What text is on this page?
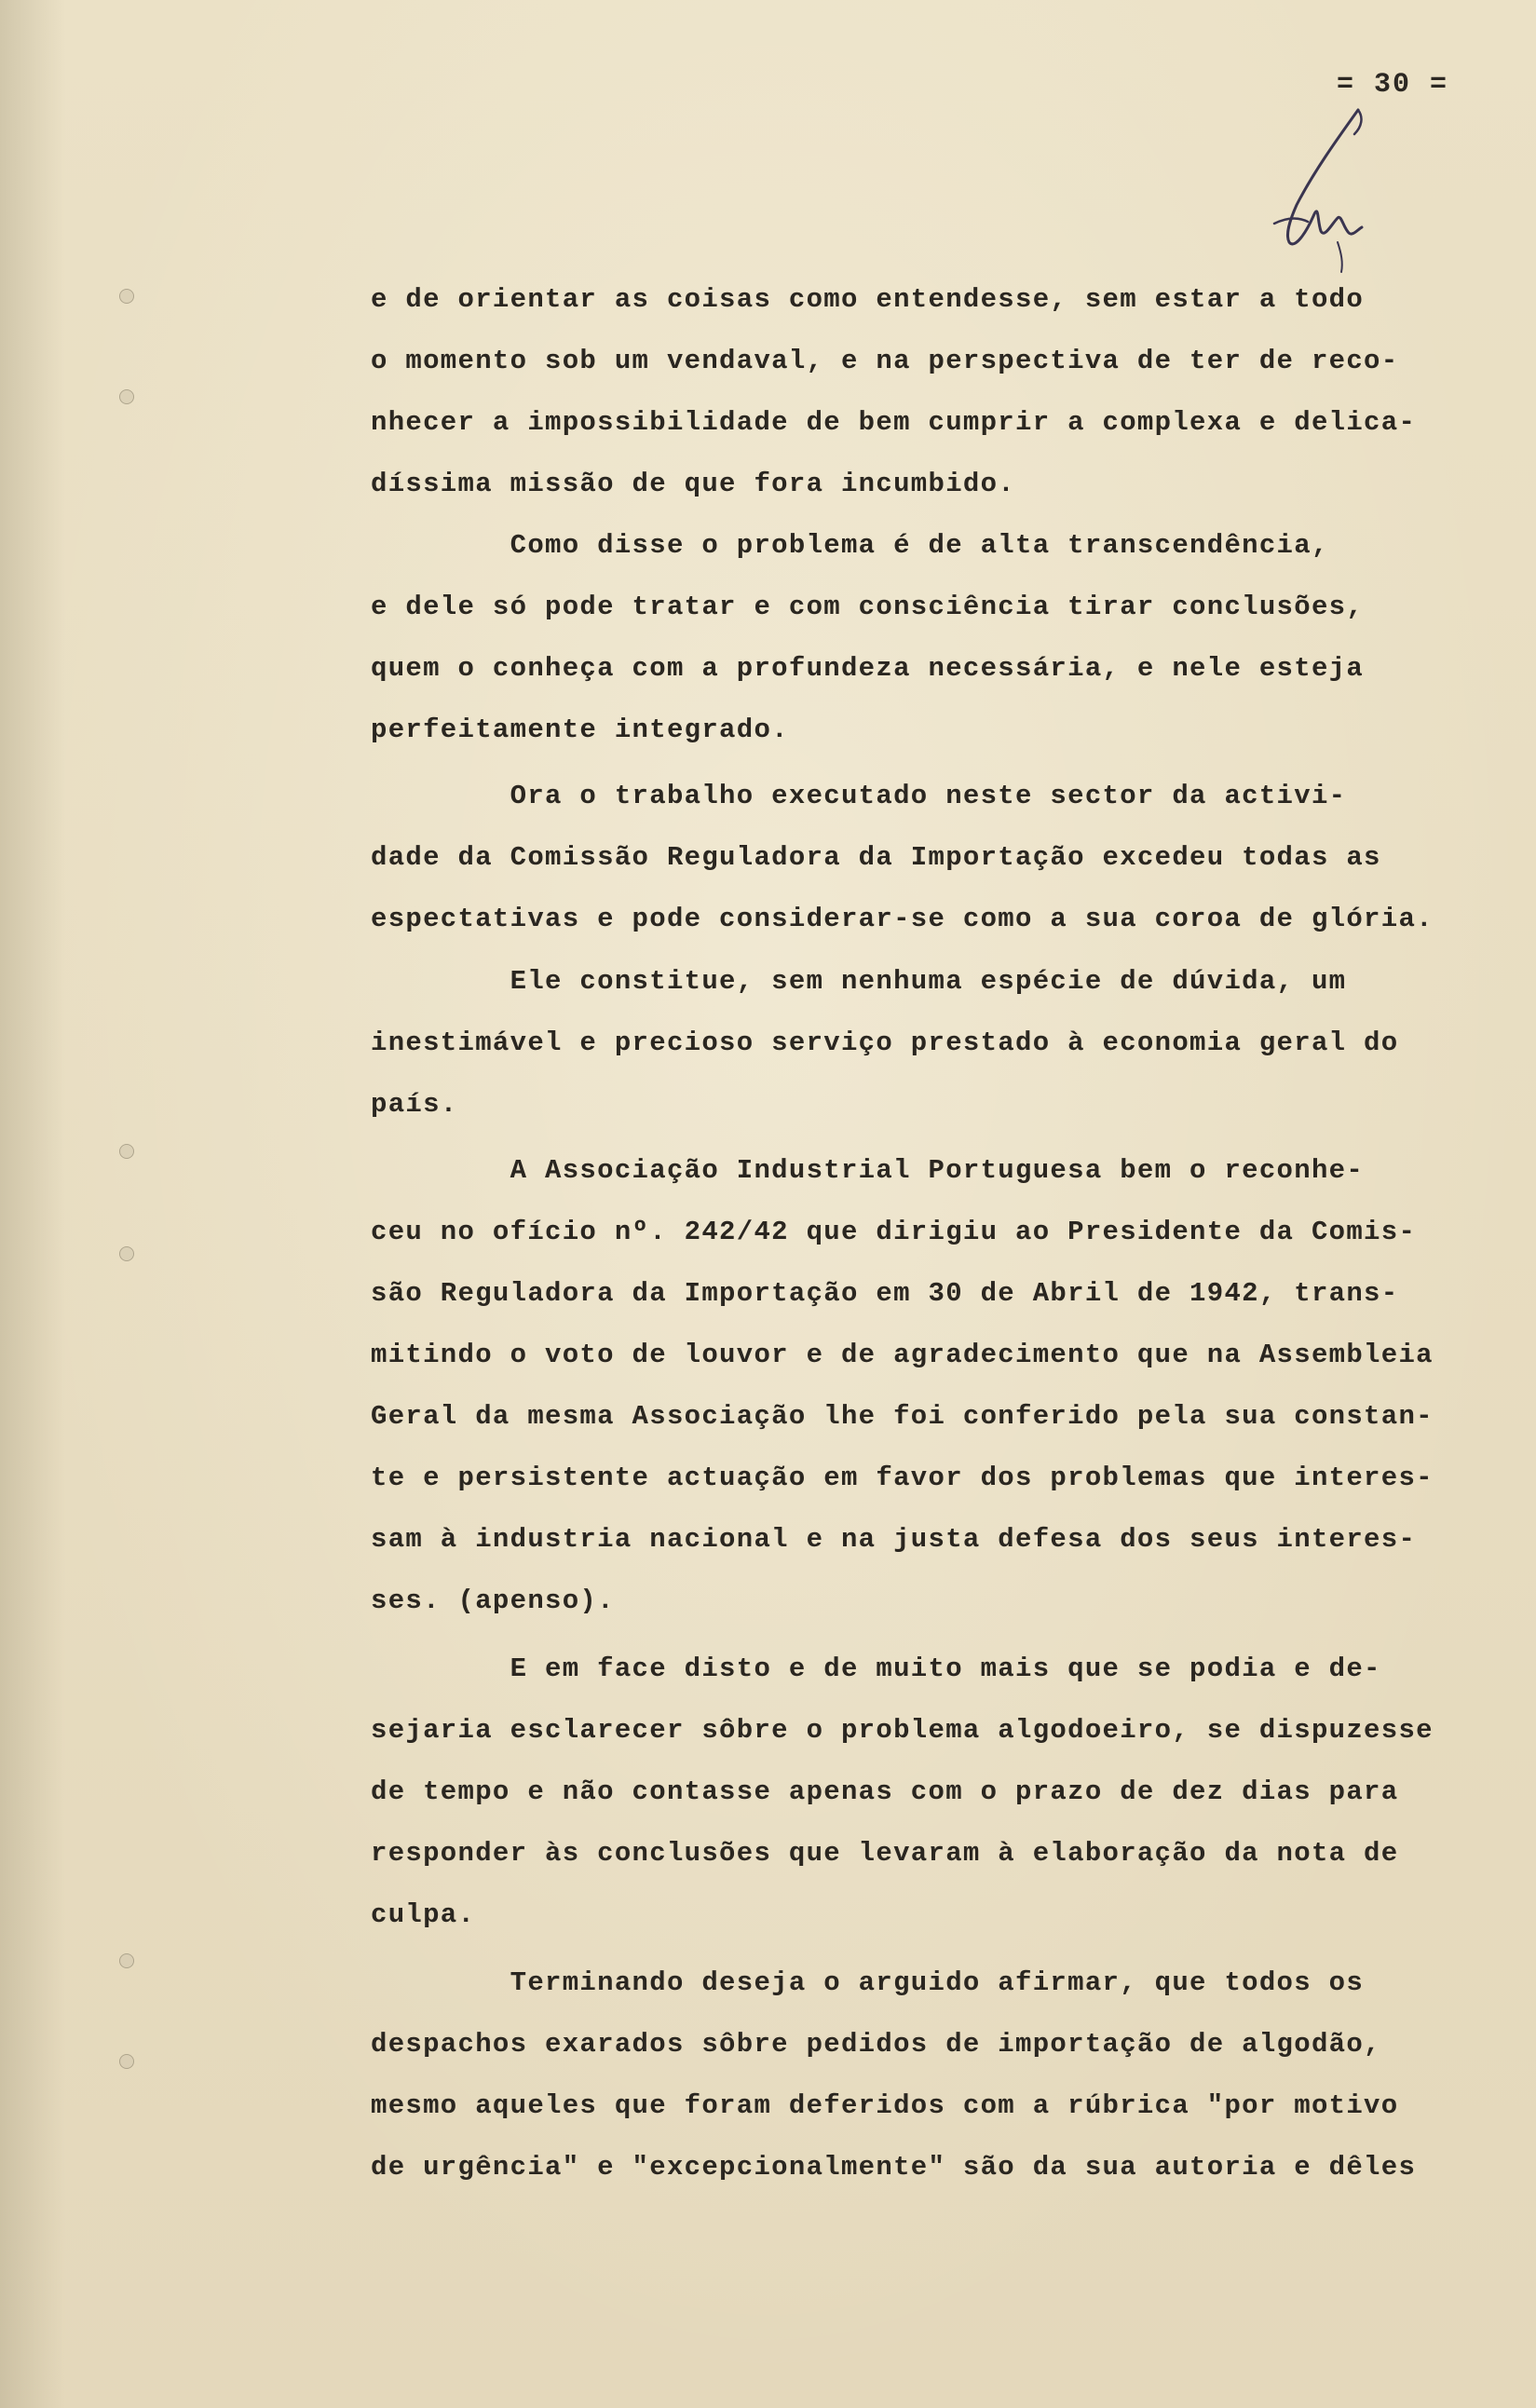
= 30 =
e de orientar as coisas como entendesse, sem estar a todo
o momento sob um vendaval, e na perspectiva de ter de reco-
nhecer a impossibilidade de bem cumprir a complexa e delica-
díssima missão de que fora incumbido.
Como disse o problema é de alta transcendência,
e dele só pode tratar e com consciência tirar conclusões,
quem o conheça com a profundeza necessária, e nele esteja
perfeitamente integrado.
Ora o trabalho executado neste sector da activi-
dade da Comissão Reguladora da Importação excedeu todas as
espectativas e pode considerar-se como a sua coroa de glória.
Ele constitue, sem nenhuma espécie de dúvida, um
inestimável e precioso serviço prestado à economia geral do
país.
A Associação Industrial Portuguesa bem o reconhe-
ceu no ofício nº. 242/42 que dirigiu ao Presidente da Comis-
são Reguladora da Importação em 30 de Abril de 1942, trans-
mitindo o voto de louvor e de agradecimento que na Assembleia
Geral da mesma Associação lhe foi conferido pela sua constan-
te e persistente actuação em favor dos problemas que interes-
sam à industria nacional e na justa defesa dos seus interes-
ses. (apenso).
E em face disto e de muito mais que se podia e de-
sejaria esclarecer sôbre o problema algodoeiro, se dispuzesse
de tempo e não contasse apenas com o prazo de dez dias para
responder às conclusões que levaram à elaboração da nota de
culpa.
Terminando deseja o arguido afirmar, que todos os
despachos exarados sôbre pedidos de importação de algodão,
mesmo aqueles que foram deferidos com a rúbrica "por motivo
de urgência" e "excepcionalmente" são da sua autoria e dêles
